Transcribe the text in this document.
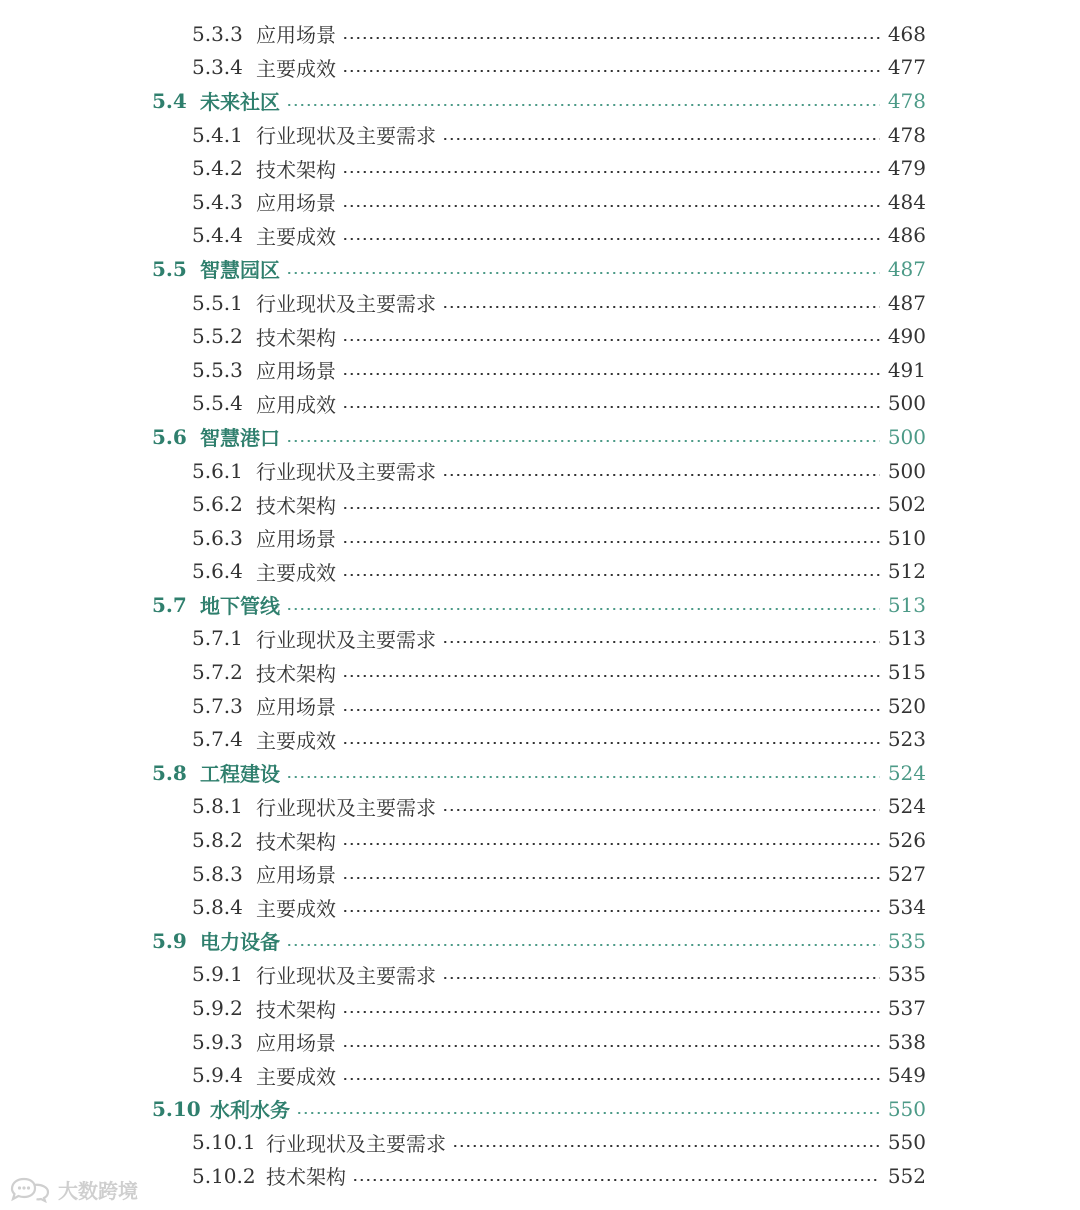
5.3.3 应用场景	468
5.3.4 主要成效	477
5.4 未来社区	478
5.4.1 行业现状及主要需求	478
5.4.2 技术架构	479
5.4.3 应用场景	484
5.4.4 主要成效	486
5.5 智慧园区	487
5.5.1 行业现状及主要需求	487
5.5.2 技术架构	490
5.5.3 应用场景	491
5.5.4 应用成效	500
5.6 智慧港口	500
5.6.1 行业现状及主要需求	500
5.6.2 技术架构	502
5.6.3 应用场景	510
5.6.4 主要成效	512
5.7 地下管线	513
5.7.1 行业现状及主要需求	513
5.7.2 技术架构	515
5.7.3 应用场景	520
5.7.4 主要成效	523
5.8 工程建设	524
5.8.1 行业现状及主要需求	524
5.8.2 技术架构	526
5.8.3 应用场景	527
5.8.4 主要成效	534
5.9 电力设备	535
5.9.1 行业现状及主要需求	535
5.9.2 技术架构	537
5.9.3 应用场景	538
5.9.4 主要成效	549
5.10 水利水务	550
5.10.1 行业现状及主要需求	550
5.10.2 技术架构	552
大数跨境
